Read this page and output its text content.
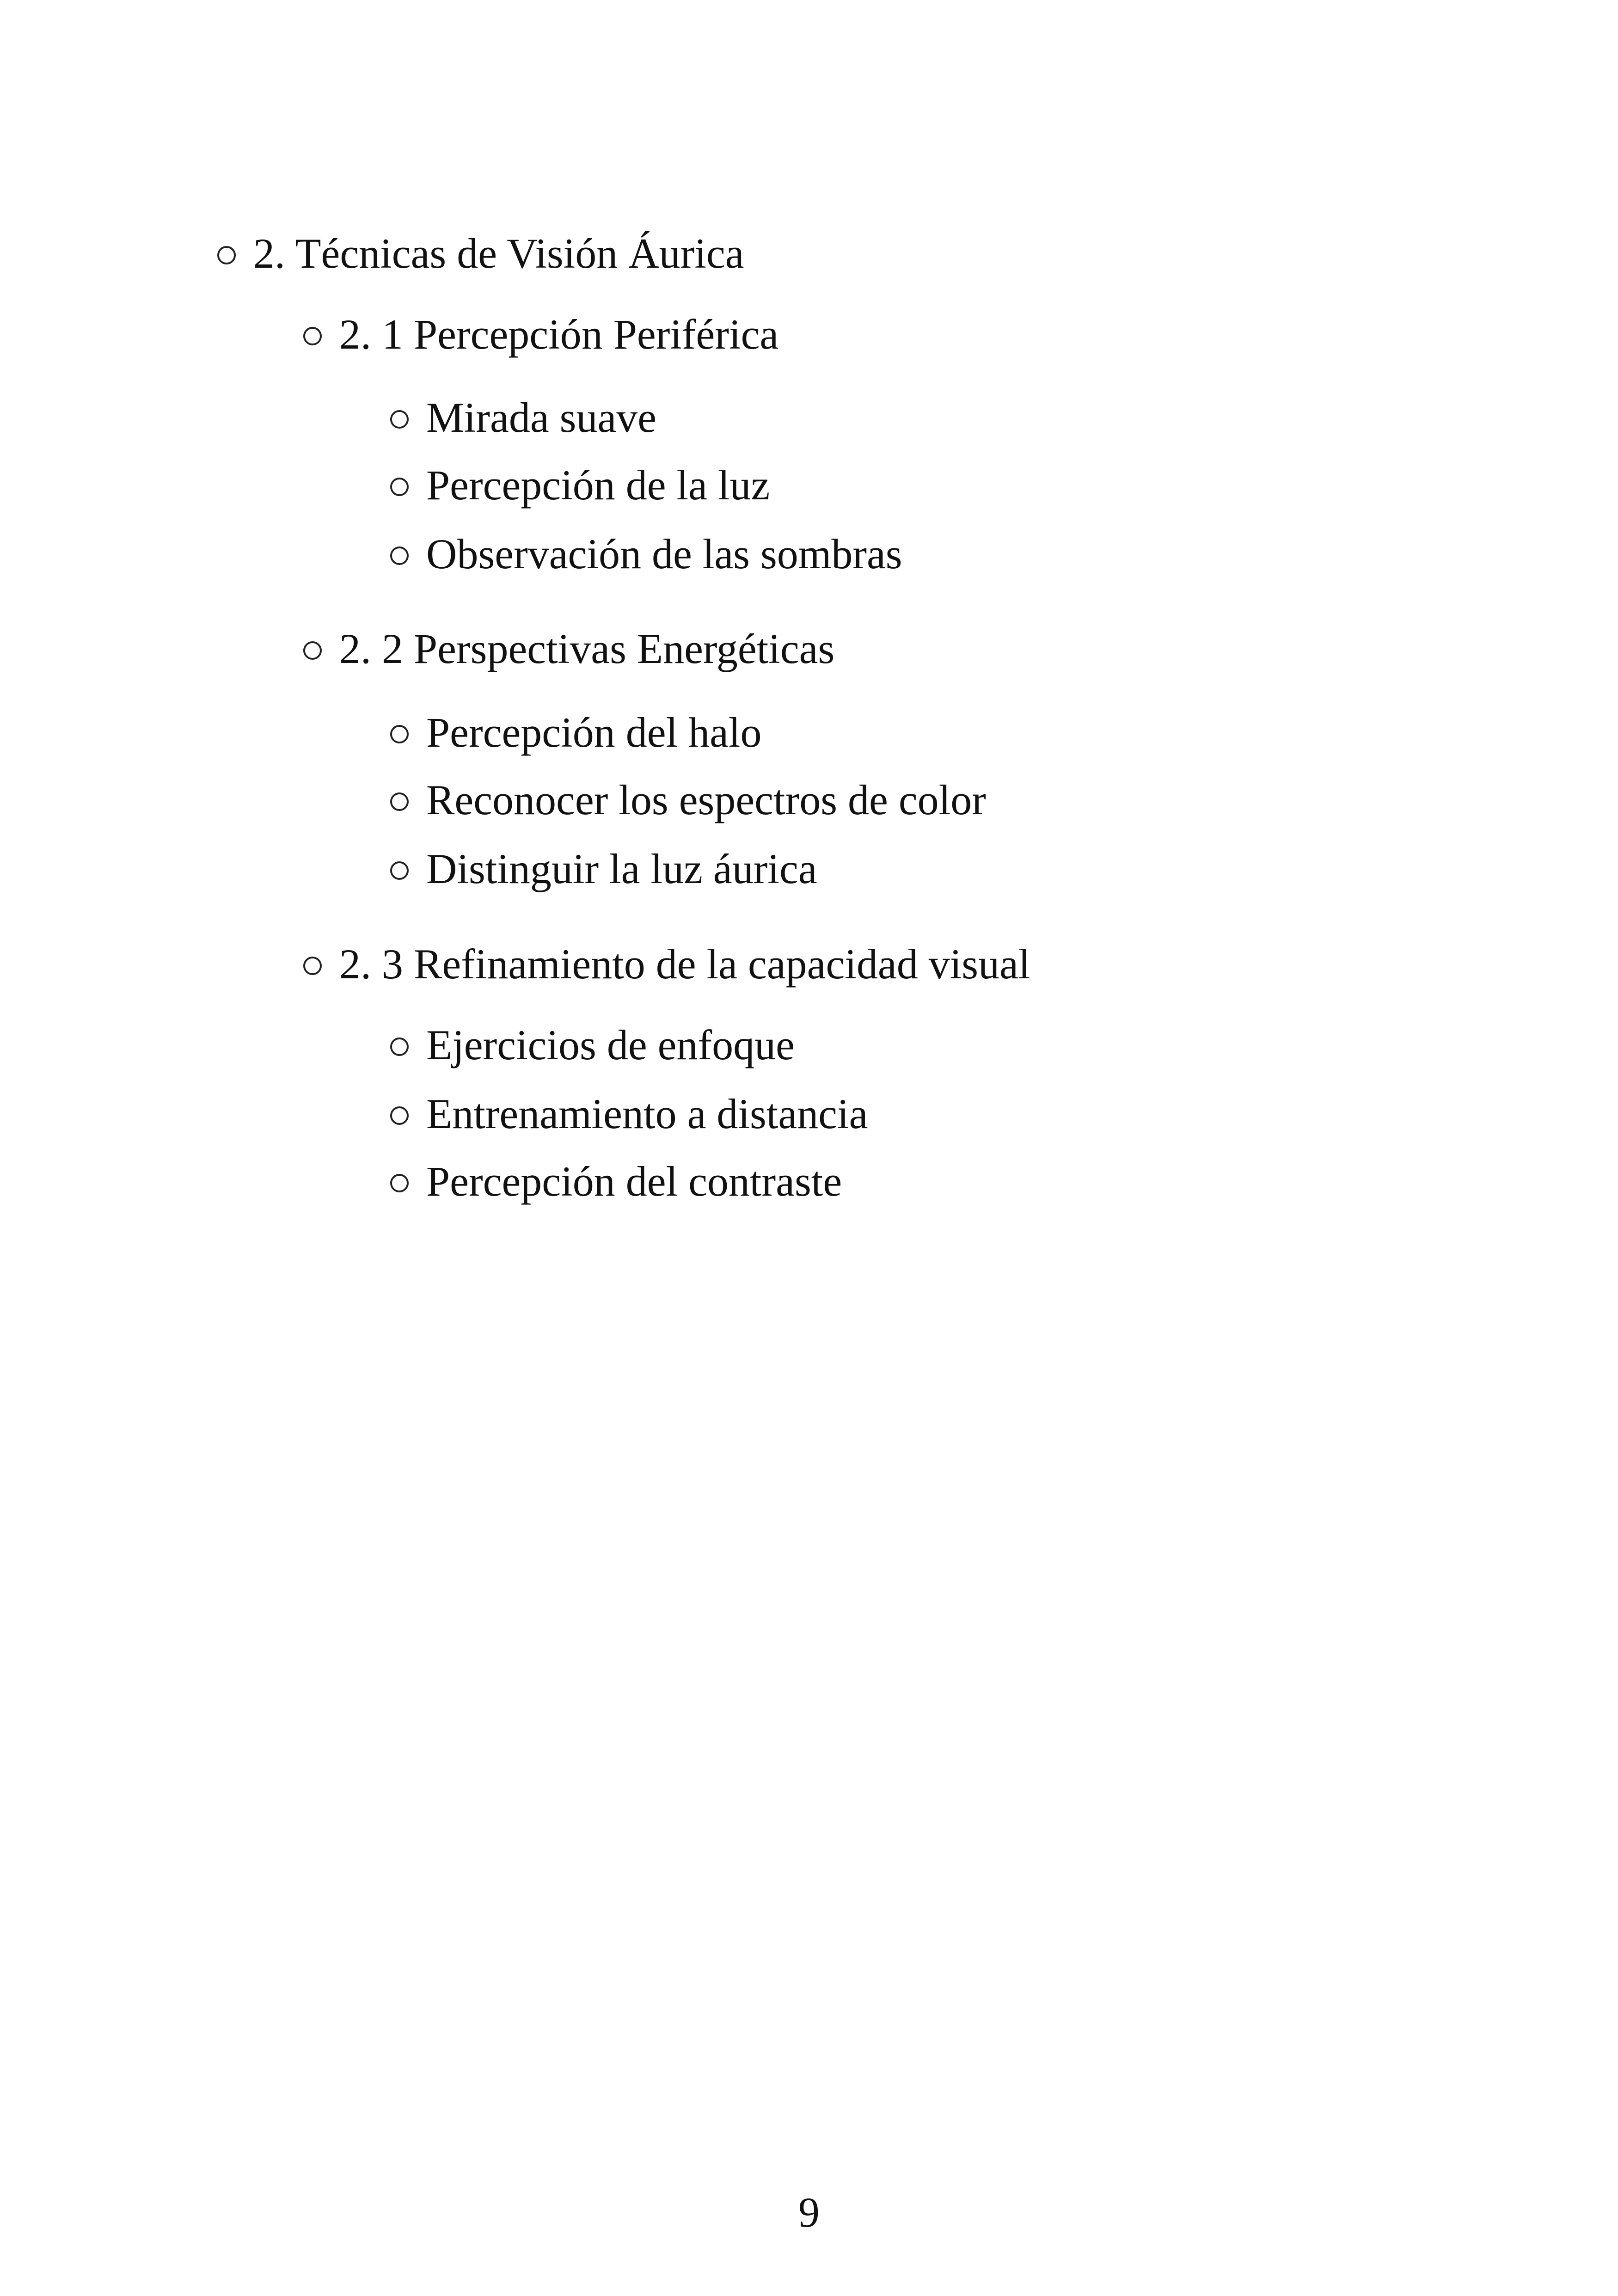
2. Técnicas de Visión Áurica
2. 1 Percepción Periférica
Mirada suave
Percepción de la luz
Observación de las sombras
2. 2 Perspectivas Energéticas
Percepción del halo
Reconocer los espectros de color
Distinguir la luz áurica
2. 3 Refinamiento de la capacidad visual
Ejercicios de enfoque
Entrenamiento a distancia
Percepción del contraste
9
